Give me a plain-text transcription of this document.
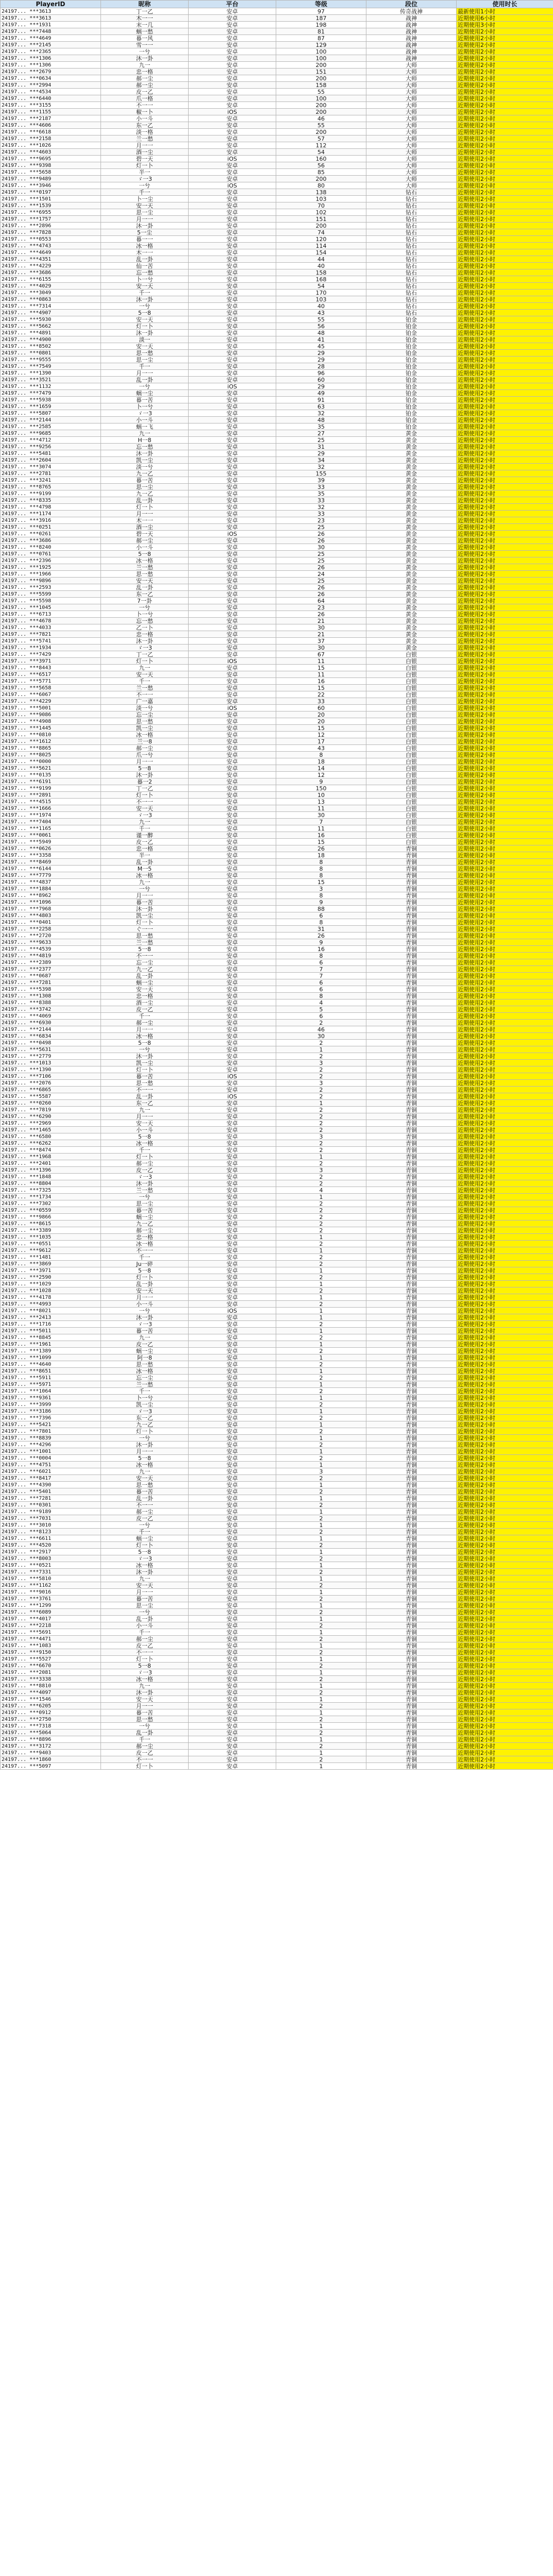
PlayerID	昵称	平台	等级	段位	使用时长
24197... ***3613	丁一乙	安卓	97	传奇战神	最新使用1小时
24197... ***3613	木一一	安卓	187	战神	近期使用6小时
24197... ***1931	末一几	安卓	198	战神	近期使用3小时
24197... ***7448	蜗一愁	安卓	81	战神	近期使用2小时
24197... ***4649	暮一风	安卓	87	战神	近期使用2小时
24197... ***2145	雪一一	安卓	129	战神	近期使用2小时
24197... ***2365	一兮	安卓	100	战神	近期使用2小时
24197... ***1306	沐一卦	安卓	100	战神	近期使用2小时
24197... ***1306	九一	安卓	200	大师	近期使用2小时
24197... ***2679	忠一格	安卓	151	大师	近期使用2小时
24197... ***0634	郝一尘	安卓	200	大师	近期使用2小时
24197... ***2994	郝一尘	安卓	158	大师	近期使用2小时
24197... ***4534	皮一乙	安卓	55	大师	近期使用2小时
24197... ***6440	爪一格	安卓	100	大师	近期使用2小时
24197... ***3155	不一一	安卓	200	大师	近期使用2小时
24197... ***1155	椒一卜	iOS	200	大师	近期使用2小时
24197... ***2187	小一斗	安卓	46	大师	近期使用2小时
24197... ***4606	东一乙	安卓	55	大师	近期使用2小时
24197... ***6618	淡一格	安卓	200	大师	近期使用2小时
24197... ***2158	兰一愁	安卓	57	大师	近期使用2小时
24197... ***1026	月一一	安卓	112	大师	近期使用2小时
24197... ***4603	酒一尘	安卓	54	大师	近期使用2小时
24197... ***9695	碧一天	iOS	160	大师	近期使用2小时
24197... ***9398	灯一卜	安卓	56	大师	近期使用2小时
24197... ***5658	半一	安卓	85	大师	近期使用2小时
24197... ***9489	ゞ一3	安卓	200	大师	近期使用2小时
24197... ***3946	一兮	iOS	80	大师	近期使用2小时
24197... ***0197	千一	安卓	138	钻石	近期使用2小时
24197... ***1501	卜一尘	安卓	103	钻石	近期使用2小时
24197... ***1539	安一天	安卓	70	钻石	近期使用2小时
24197... ***6955	思一尘	安卓	102	钻石	近期使用2小时
24197... ***1757	月一一	安卓	151	钻石	近期使用2小时
24197... ***2896	沐一卦	安卓	200	钻石	近期使用2小时
24197... ***7828	5一尘	安卓	74	钻石	近期使用2小时
24197... ***0553	暮一一	安卓	120	钻石	近期使用2小时
24197... ***4743	冰一格	安卓	114	钻石	近期使用2小时
24197... ***4649	木一一	安卓	154	钻石	近期使用2小时
24197... ***4351	乱一卦	安卓	44	钻石	近期使用2小时
24197... ***4229	仙一苦	安卓	40	钻石	近期使用2小时
24197... ***3686	忘一愁	安卓	158	钻石	近期使用2小时
24197... ***6155	卜一兮	安卓	168	钻石	近期使用2小时
24197... ***4029	安一天	安卓	54	钻石	近期使用2小时
24197... ***3049	千一	安卓	170	钻石	近期使用2小时
24197... ***0863	沐一卦	安卓	103	钻石	近期使用2小时
24197... ***7314	一兮	安卓	40	钻石	近期使用2小时
24197... ***4907	5一8	安卓	43	钻石	近期使用2小时
24197... ***5930	安一天	安卓	55	铂金	近期使用2小时
24197... ***5662	灯一卜	安卓	56	铂金	近期使用2小时
24197... ***4891	沐一卦	安卓	48	铂金	近期使用2小时
24197... ***4900	淡一	安卓	41	铂金	近期使用2小时
24197... ***8502	安一天	安卓	45	铂金	近期使用2小时
24197... ***0801	思一愁	安卓	29	铂金	近期使用2小时
24197... ***9555	思一尘	安卓	29	铂金	近期使用2小时
24197... ***7549	千一	安卓	28	铂金	近期使用2小时
24197... ***1390	月一一	安卓	96	铂金	近期使用2小时
24197... ***3521	乱一卦	安卓	60	铂金	近期使用2小时
24197... ***1132	一兮	iOS	29	铂金	近期使用2小时
24197... ***7479	蜗一尘	安卓	49	铂金	近期使用2小时
24197... ***5938	暮一苦	安卓	91	铂金	近期使用2小时
24197... ***1659	卜一兮	安卓	63	铂金	近期使用2小时
24197... ***5807	ゞ一3	安卓	32	铂金	近期使用2小时
24197... ***2144	小一斗	安卓	48	铂金	近期使用2小时
24197... ***2585	蜗一飞	安卓	35	铂金	近期使用2小时
24197... ***9685	九一	安卓	27	黄金	近期使用2小时
24197... ***4712	H一8	安卓	25	黄金	近期使用2小时
24197... ***9256	忘一愁	安卓	31	黄金	近期使用2小时
24197... ***5481	沐一卦	安卓	29	黄金	近期使用2小时
24197... ***2604	凯一尘	安卓	34	黄金	近期使用2小时
24197... ***3074	淡一兮	安卓	32	黄金	近期使用2小时
24197... ***2781	九一乙	安卓	155	黄金	近期使用2小时
24197... ***3241	暮一苦	安卓	39	黄金	近期使用2小时
24197... ***8765	思一尘	安卓	33	黄金	近期使用2小时
24197... ***9199	九一乙	安卓	35	黄金	近期使用2小时
24197... ***8335	乱一卦	安卓	33	黄金	近期使用2小时
24197... ***4798	灯一卜	安卓	32	黄金	近期使用2小时
24197... ***1174	月一一	安卓	33	黄金	近期使用2小时
24197... ***3916	木一一	安卓	23	黄金	近期使用2小时
24197... ***0251	酒一尘	安卓	25	黄金	近期使用2小时
24197... ***0261	碧一天	iOS	26	黄金	近期使用2小时
24197... ***3686	郝一尘	安卓	26	黄金	近期使用2小时
24197... ***8240	小一斗	安卓	30	黄金	近期使用2小时
24197... ***0761	5一8	安卓	25	黄金	近期使用2小时
24197... ***2396	冰一格	安卓	25	黄金	近期使用2小时
24197... ***1925	兰一愁	安卓	26	黄金	近期使用2小时
24197... ***1966	思一愁	安卓	24	黄金	近期使用2小时
24197... ***9896	安一天	安卓	25	黄金	近期使用2小时
24197... ***2593	乱一卦	安卓	26	黄金	近期使用2小时
24197... ***5599	东一乙	安卓	26	黄金	近期使用2小时
24197... ***5598	7一卦	安卓	64	黄金	近期使用2小时
24197... ***1045	一兮	安卓	23	黄金	近期使用2小时
24197... ***6713	卜一兮	安卓	26	黄金	近期使用2小时
24197... ***4678	忘一愁	安卓	21	黄金	近期使用2小时
24197... ***4033	乙一卜	安卓	30	黄金	近期使用2小时
24197... ***7821	忠一格	安卓	21	黄金	近期使用2小时
24197... ***5741	沐一卦	安卓	37	黄金	近期使用2小时
24197... ***1934	ゞ一3	安卓	30	黄金	近期使用2小时
24197... ***7429	丁一乙	安卓	67	白银	近期使用2小时
24197... ***3971	灯一卜	iOS	11	白银	近期使用2小时
24197... ***8443	九一	安卓	15	白银	近期使用2小时
24197... ***6517	安一天	安卓	11	白银	近期使用2小时
24197... ***5771	千一	安卓	16	白银	近期使用2小时
24197... ***5658	兰一愁	安卓	15	白银	近期使用2小时
24197... ***6067	不一一	安卓	22	白银	近期使用2小时
24197... ***4229	广一嘉	安卓	33	白银	近期使用2小时
24197... ***5001	淡一兮	iOS	60	白银	近期使用2小时
24197... ***9086	忘一尘	安卓	20	白银	近期使用2小时
24197... ***4908	思一愁	安卓	20	白银	近期使用2小时
24197... ***1445	凯一尘	安卓	15	白银	近期使用2小时
24197... ***0810	冰一格	安卓	12	白银	近期使用2小时
24197... ***1612	兰一8	安卓	17	白银	近期使用2小时
24197... ***8865	郝一尘	安卓	43	白银	近期使用2小时
24197... ***8025	爪一兮	安卓	8	白银	近期使用2小时
24197... ***0000	月一一	安卓	18	白银	近期使用2小时
24197... ***5621	5一8	安卓	14	白银	近期使用2小时
24197... ***0135	沐一卦	安卓	12	白银	近期使用2小时
24197... ***6191	暮一2	安卓	9	白银	近期使用2小时
24197... ***9199	丁一乙	安卓	150	白银	近期使用2小时
24197... ***2891	灯一卜	安卓	10	白银	近期使用2小时
24197... ***4515	不一一	安卓	13	白银	近期使用2小时
24197... ***1666	安一天	安卓	11	白银	近期使用2小时
24197... ***1974	ゞ一3	安卓	30	白银	近期使用2小时
24197... ***7404	九一	安卓	7	白银	近期使用2小时
24197... ***1165	千一	安卓	11	白银	近期使用2小时
24197... ***0061	谨一醉	安卓	16	白银	近期使用2小时
24197... ***5949	皮一乙	安卓	15	白银	近期使用2小时
24197... ***0626	忠一格	安卓	26	青铜	近期使用2小时
24197... ***3358	半一	安卓	18	青铜	近期使用2小时
24197... ***8469	乱一卦	安卓	8	青铜	近期使用2小时
24197... ***6144	M一5	安卓	8	青铜	近期使用2小时
24197... ***7779	冰一格	安卓	8	青铜	近期使用2小时
24197... ***4837	九一	安卓	15	青铜	近期使用2小时
24197... ***1884	一兮	安卓	3	青铜	近期使用2小时
24197... ***8962	月一一	安卓	8	青铜	近期使用2小时
24197... ***1096	暮一苦	安卓	9	青铜	近期使用2小时
24197... ***7968	沐一卦	安卓	88	青铜	近期使用2小时
24197... ***4803	凯一尘	安卓	6	青铜	近期使用2小时
24197... ***0401	灯一卜	安卓	8	青铜	近期使用2小时
24197... ***2258	ぐ一一	安卓	31	青铜	近期使用2小时
24197... ***2720	思一愁	安卓	26	青铜	近期使用2小时
24197... ***9633	兰一愁	安卓	9	青铜	近期使用2小时
24197... ***4539	5一8	安卓	16	青铜	近期使用2小时
24197... ***4819	不一一	安卓	8	青铜	近期使用2小时
24197... ***2389	忘一尘	安卓	6	青铜	近期使用2小时
24197... ***2377	九一乙	安卓	7	青铜	近期使用2小时
24197... ***0687	乱一卦	安卓	7	青铜	近期使用2小时
24197... ***7281	蜗一尘	安卓	6	青铜	近期使用2小时
24197... ***5398	安一天	安卓	6	青铜	近期使用2小时
24197... ***1308	忠一格	安卓	8	青铜	近期使用2小时
24197... ***8388	酒一尘	安卓	4	青铜	近期使用2小时
24197... ***3742	皮一乙	安卓	5	青铜	近期使用2小时
24197... ***4069	千一	安卓	6	青铜	近期使用2小时
24197... ***6930	郝一尘	安卓	2	青铜	近期使用2小时
24197... ***2144	月一一	安卓	46	青铜	近期使用2小时
24197... ***6834	冰一格	安卓	30	青铜	近期使用2小时
24197... ***0498	5一8	安卓	2	青铜	近期使用2小时
24197... ***5631	一兮	安卓	1	青铜	近期使用2小时
24197... ***2779	沐一卦	安卓	2	青铜	近期使用2小时
24197... ***1013	凯一尘	安卓	3	青铜	近期使用2小时
24197... ***1390	灯一卜	安卓	2	青铜	近期使用2小时
24197... ***7106	暮一苦	iOS	2	青铜	近期使用2小时
24197... ***2076	思一愁	安卓	3	青铜	近期使用2小时
24197... ***6865	不一一	安卓	2	青铜	近期使用2小时
24197... ***5587	乱一卦	iOS	2	青铜	近期使用2小时
24197... ***0260	东一乙	安卓	1	青铜	近期使用2小时
24197... ***7819	九一	安卓	2	青铜	近期使用2小时
24197... ***6290	月一一	安卓	2	青铜	近期使用2小时
24197... ***2969	安一天	安卓	2	青铜	近期使用2小时
24197... ***1465	小一斗	安卓	2	青铜	近期使用2小时
24197... ***6580	5一8	安卓	3	青铜	近期使用2小时
24197... ***6262	冰一格	安卓	2	青铜	近期使用2小时
24197... ***8474	千一	安卓	2	青铜	近期使用2小时
24197... ***1968	灯一卜	安卓	1	青铜	近期使用2小时
24197... ***2401	郝一尘	安卓	2	青铜	近期使用2小时
24197... ***1396	皮一乙	安卓	3	青铜	近期使用2小时
24197... ***1848	ゞ一3	安卓	2	青铜	近期使用2小时
24197... ***8804	沐一卦	安卓	2	青铜	近期使用2小时
24197... ***7325	兰一愁	安卓	4	青铜	近期使用2小时
24197... ***1734	一兮	安卓	1	青铜	近期使用2小时
24197... ***7302	思一尘	安卓	2	青铜	近期使用2小时
24197... ***0559	暮一苦	安卓	2	青铜	近期使用2小时
24197... ***9866	蜗一尘	安卓	2	青铜	近期使用2小时
24197... ***8615	九一乙	安卓	2	青铜	近期使用2小时
24197... ***3389	郝一尘	安卓	2	青铜	近期使用2小时
24197... ***1035	忠一格	安卓	1	青铜	近期使用2小时
24197... ***0551	冰一格	安卓	2	青铜	近期使用2小时
24197... ***9612	不一一	安卓	1	青铜	近期使用2小时
24197... ***1481	千一	安卓	2	青铜	近期使用2小时
24197... ***3869	Ju一碎	安卓	2	青铜	近期使用2小时
24197... ***3971	5一8	安卓	1	青铜	近期使用2小时
24197... ***2590	灯一卜	安卓	2	青铜	近期使用2小时
24197... ***1029	乱一卦	安卓	1	青铜	近期使用2小时
24197... ***1028	安一天	安卓	2	青铜	近期使用2小时
24197... ***4178	月一一	安卓	1	青铜	近期使用2小时
24197... ***4993	小一斗	安卓	2	青铜	近期使用2小时
24197... ***8021	一兮	iOS	1	青铜	近期使用2小时
24197... ***2413	沐一卦	安卓	1	青铜	近期使用2小时
24197... ***1716	ゞ一3	安卓	2	青铜	近期使用2小时
24197... ***5011	暮一苦	安卓	1	青铜	近期使用2小时
24197... ***8845	九一	安卓	2	青铜	近期使用2小时
24197... ***1961	皮一乙	安卓	1	青铜	近期使用2小时
24197... ***1389	蜗一尘	安卓	2	青铜	近期使用2小时
24197... ***1099	阿一8	安卓	1	青铜	近期使用2小时
24197... ***4640	思一愁	安卓	2	青铜	近期使用2小时
24197... ***8651	冰一格	安卓	1	青铜	近期使用2小时
24197... ***5911	忘一尘	安卓	2	青铜	近期使用2小时
24197... ***5971	兰一愁	安卓	1	青铜	近期使用2小时
24197... ***1064	千一	安卓	2	青铜	近期使用2小时
24197... ***9361	卜一兮	安卓	1	青铜	近期使用2小时
24197... ***3999	凯一尘	安卓	2	青铜	近期使用2小时
24197... ***3186	ゞ一3	安卓	1	青铜	近期使用2小时
24197... ***7396	东一乙	安卓	2	青铜	近期使用2小时
24197... ***5421	九一乙	安卓	1	青铜	近期使用2小时
24197... ***7801	灯一卜	安卓	2	青铜	近期使用2小时
24197... ***8839	一兮	安卓	1	青铜	近期使用2小时
24197... ***4296	沐一卦	安卓	2	青铜	近期使用2小时
24197... ***1001	月一一	安卓	1	青铜	近期使用2小时
24197... ***0004	5一8	安卓	2	青铜	近期使用2小时
24197... ***4751	冰一格	安卓	1	青铜	近期使用2小时
24197... ***6021	九一	安卓	3	青铜	近期使用2小时
24197... ***8417	安一天	安卓	2	青铜	近期使用2小时
24197... ***4390	思一愁	安卓	1	青铜	近期使用2小时
24197... ***5401	暮一苦	安卓	2	青铜	近期使用2小时
24197... ***7281	乱一卦	安卓	1	青铜	近期使用2小时
24197... ***0301	不一一	安卓	2	青铜	近期使用2小时
24197... ***9189	郝一尘	安卓	1	青铜	近期使用2小时
24197... ***7031	皮一乙	安卓	2	青铜	近期使用2小时
24197... ***3010	一兮	安卓	1	青铜	近期使用2小时
24197... ***8123	千一	安卓	2	青铜	近期使用2小时
24197... ***6611	蜗一尘	安卓	1	青铜	近期使用2小时
24197... ***4520	灯一卜	安卓	2	青铜	近期使用2小时
24197... ***2917	5一8	安卓	1	青铜	近期使用2小时
24197... ***8003	ゞ一3	安卓	2	青铜	近期使用2小时
24197... ***0521	冰一格	安卓	1	青铜	近期使用2小时
24197... ***7331	沐一卦	安卓	2	青铜	近期使用2小时
24197... ***5810	九一	安卓	1	青铜	近期使用2小时
24197... ***1162	安一天	安卓	2	青铜	近期使用2小时
24197... ***9016	月一一	安卓	1	青铜	近期使用2小时
24197... ***3761	暮一苦	安卓	2	青铜	近期使用2小时
24197... ***1299	思一尘	安卓	1	青铜	近期使用2小时
24197... ***6089	一兮	安卓	2	青铜	近期使用2小时
24197... ***4017	乱一卦	安卓	1	青铜	近期使用2小时
24197... ***2218	小一斗	安卓	2	青铜	近期使用2小时
24197... ***5691	千一	安卓	1	青铜	近期使用2小时
24197... ***4471	郝一尘	安卓	2	青铜	近期使用2小时
24197... ***1083	皮一乙	安卓	1	青铜	近期使用2小时
24197... ***9150	不一一	安卓	2	青铜	近期使用2小时
24197... ***5527	灯一卜	安卓	1	青铜	近期使用2小时
24197... ***6670	5一8	安卓	2	青铜	近期使用2小时
24197... ***2081	ゞ一3	安卓	1	青铜	近期使用2小时
24197... ***3338	冰一格	安卓	2	青铜	近期使用2小时
24197... ***8810	九一	安卓	1	青铜	近期使用2小时
24197... ***4097	沐一卦	安卓	2	青铜	近期使用2小时
24197... ***1546	安一天	安卓	1	青铜	近期使用2小时
24197... ***6205	月一一	安卓	2	青铜	近期使用2小时
24197... ***0912	暮一苦	安卓	1	青铜	近期使用2小时
24197... ***2750	思一愁	安卓	2	青铜	近期使用2小时
24197... ***7318	一兮	安卓	1	青铜	近期使用2小时
24197... ***5064	乱一卦	安卓	2	青铜	近期使用2小时
24197... ***8896	千一	安卓	1	青铜	近期使用2小时
24197... ***3172	郝一尘	安卓	2	青铜	近期使用2小时
24197... ***9403	皮一乙	安卓	1	青铜	近期使用2小时
24197... ***1860	不一一	安卓	2	青铜	近期使用2小时
24197... ***5097	灯一卜	安卓	1	青铜	近期使用2小时
